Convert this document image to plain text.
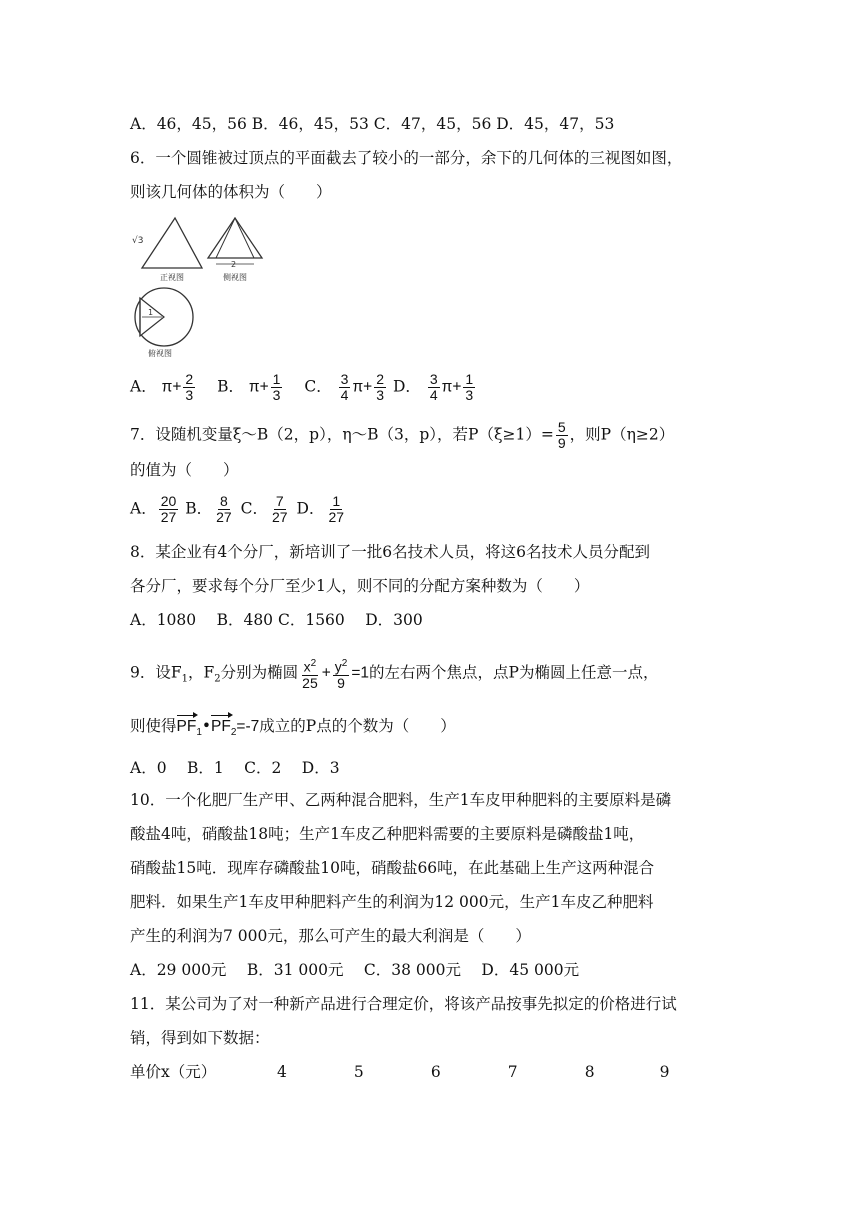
A．46，45，56 B．46，45，53 C．47，45，56 D．45，47，53
6．一个圆锥被过顶点的平面截去了较小的一部分，余下的几何体的三视图如图，
则该几何体的体积为（　　）
√3
正视图
2
侧视图
1
俯视图
A． $\pi+ \frac{2}{3}$ B． $\pi+ \frac{1}{3}$ C． $\frac{3}{4} \pi+ \frac{2}{3}$ D． $\frac{3}{4} \pi+ \frac{1}{3}$
7．设随机变量ξ～B（2，p），η～B（3，p），若$P(\xi\ge 1)= \frac{5}{9}$ ，则P（η≥2）
的值为（　　）
A． $\frac{20}{27}$ B． $\frac{8}{27}$ C． $\frac{7}{27}$ D． $\frac{1}{27}$
8．某企业有4个分厂，新培训了一批6名技术人员，将这6名技术人员分配到
各分厂，要求每个分厂至少1人，则不同的分配方案种数为（　　）
A．1080　 B．480 C．1560　 D．300
9．设$F_1$，$F_2$分别为椭圆 $\frac{x^2}{25} + \frac{y^2}{9} =1$的左右两个焦点，点P为椭圆上任意一点，
则使得$PF_1•PF_2=-7$成立的P点的个数为（　　）
A．0　 B．1　 C．2　 D．3
10．一个化肥厂生产甲、乙两种混合肥料，生产1车皮甲种肥料的主要原料是磷
酸盐4吨，硝酸盐18吨；生产1车皮乙种肥料需要的主要原料是磷酸盐1吨，
硝酸盐15吨．现库存磷酸盐10吨，硝酸盐66吨，在此基础上生产这两种混合
肥料．如果生产1车皮甲种肥料产生的利润为12 000元，生产1车皮乙种肥料
产生的利润为7 000元，那么可产生的最大利润是（　　）
A．29 000元　 B．31 000元　 C．38 000元　 D．45 000元
11．某公司为了对一种新产品进行合理定价，将该产品按事先拟定的价格进行试
销，得到如下数据：
单价x（元）	4	5	6	7	8	9
